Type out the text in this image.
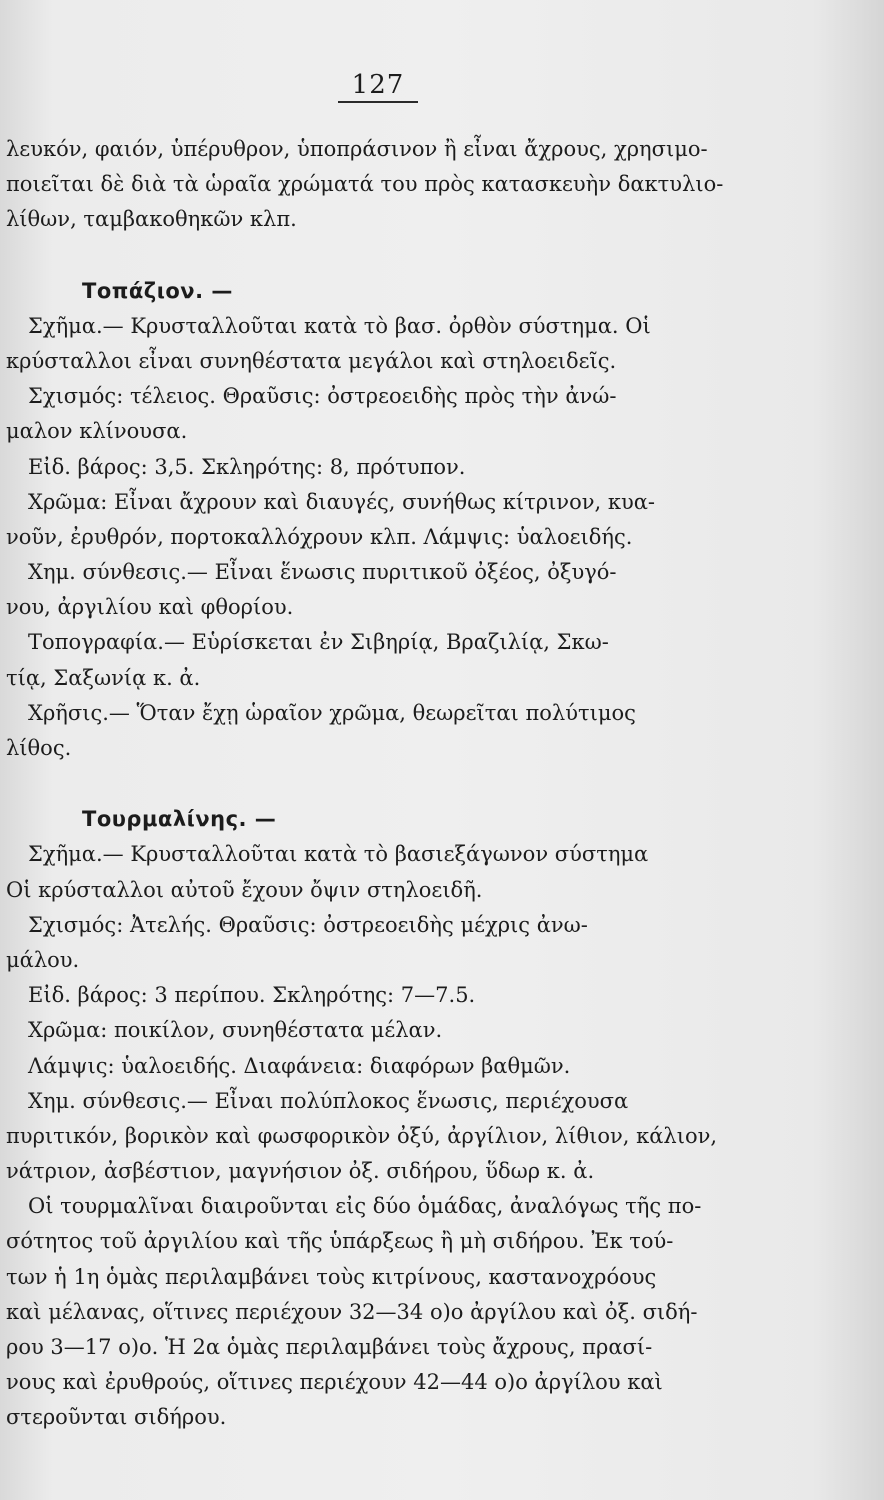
127
λευκόν, φαιόν, ὑπέρυθρον, ὑποπράσινον ἢ εἶναι ἄχρους, χρησιμο-
ποιεῖται δὲ διὰ τὰ ὡραῖα χρώματά του πρὸς κατασκευὴν δακτυλιο-
λίθων, ταμβακοθηκῶν κλπ.
Τοπάζιον. —
Σχῆμα.— Κρυσταλλοῦται κατὰ τὸ βασ. ὀρθὸν σύστημα. Οἱ
κρύσταλλοι εἶναι συνηθέστατα μεγάλοι καὶ στηλοειδεῖς.
Σχισμός: τέλειος. Θραῦσις: ὀστρεοειδὴς πρὸς τὴν ἀνώ-
μαλον κλίνουσα.
Εἰδ. βάρος: 3,5. Σκληρότης: 8, πρότυπον.
Χρῶμα: Εἶναι ἄχρουν καὶ διαυγές, συνήθως κίτρινον, κυα-
νοῦν, ἐρυθρόν, πορτοκαλλόχρουν κλπ. Λάμψις: ὑαλοειδής.
Χημ. σύνθεσις.— Εἶναι ἕνωσις πυριτικοῦ ὀξέος, ὀξυγό-
νου, ἀργιλίου καὶ φθορίου.
Τοπογραφία.— Εὑρίσκεται ἐν Σιβηρίᾳ, Βραζιλίᾳ, Σκω-
τίᾳ, Σαξωνίᾳ κ. ἀ.
Χρῆσις.— Ὅταν ἔχῃ ὡραῖον χρῶμα, θεωρεῖται πολύτιμος
λίθος.
Τουρμαλίνης. —
Σχῆμα.— Κρυσταλλοῦται κατὰ τὸ βασιεξάγωνον σύστημα
Οἱ κρύσταλλοι αὐτοῦ ἔχουν ὄψιν στηλοειδῆ.
Σχισμός: Ἀτελής. Θραῦσις: ὀστρεοειδὴς μέχρις ἀνω-
μάλου.
Εἰδ. βάρος: 3 περίπου. Σκληρότης: 7—7.5.
Χρῶμα: ποικίλον, συνηθέστατα μέλαν.
Λάμψις: ὑαλοειδής. Διαφάνεια: διαφόρων βαθμῶν.
Χημ. σύνθεσις.— Εἶναι πολύπλοκος ἕνωσις, περιέχουσα
πυριτικόν, βορικὸν καὶ φωσφορικὸν ὀξύ, ἀργίλιον, λίθιον, κάλιον,
νάτριον, ἀσβέστιον, μαγνήσιον ὀξ. σιδήρου, ὕδωρ κ. ἀ.
Οἱ τουρμαλῖναι διαιροῦνται εἰς δύο ὁμάδας, ἀναλόγως τῆς πο-
σότητος τοῦ ἀργιλίου καὶ τῆς ὑπάρξεως ἢ μὴ σιδήρου. Ἐκ τού-
των ἡ 1η ὁμὰς περιλαμβάνει τοὺς κιτρίνους, καστανοχρόους
καὶ μέλανας, οἵτινες περιέχουν 32—34 ο)ο ἀργίλου καὶ ὀξ. σιδή-
ρου 3—17 ο)ο. Ἡ 2α ὁμὰς περιλαμβάνει τοὺς ἄχρους, πρασί-
νους καὶ ἐρυθρούς, οἵτινες περιέχουν 42—44 ο)ο ἀργίλου καὶ
στεροῦνται σιδήρου.
